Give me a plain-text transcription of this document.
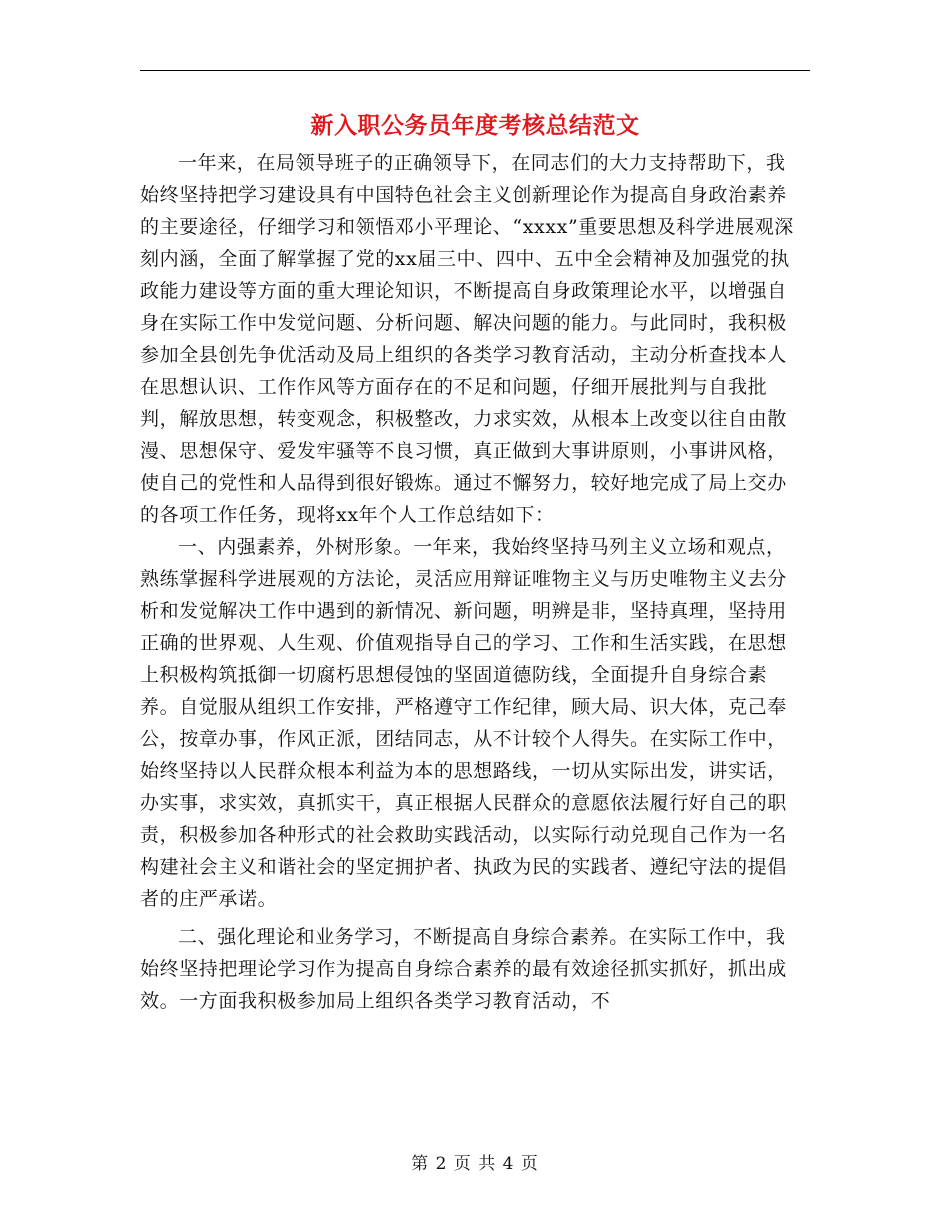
新入职公务员年度考核总结范文

一年来，在局领导班子的正确领导下，在同志们的大力支持帮助下，我始终坚持把学习建设具有中国特色社会主义创新理论作为提高自身政治素养的主要途径，仔细学习和领悟邓小平理论、“xxxx”重要思想及科学进展观深刻内涵，全面了解掌握了党的xx届三中、四中、五中全会精神及加强党的执政能力建设等方面的重大理论知识，不断提高自身政策理论水平，以增强自身在实际工作中发觉问题、分析问题、解决问题的能力。与此同时，我积极参加全县创先争优活动及局上组织的各类学习教育活动，主动分析查找本人在思想认识、工作作风等方面存在的不足和问题，仔细开展批判与自我批判，解放思想，转变观念，积极整改，力求实效，从根本上改变以往自由散漫、思想保守、爱发牢骚等不良习惯，真正做到大事讲原则，小事讲风格，使自己的党性和人品得到很好锻炼。通过不懈努力，较好地完成了局上交办的各项工作任务，现将xx年个人工作总结如下：

一、内强素养，外树形象。一年来，我始终坚持马列主义立场和观点，熟练掌握科学进展观的方法论，灵活应用辩证唯物主义与历史唯物主义去分析和发觉解决工作中遇到的新情况、新问题，明辨是非，坚持真理，坚持用正确的世界观、人生观、价值观指导自己的学习、工作和生活实践，在思想上积极构筑抵御一切腐朽思想侵蚀的坚固道德防线，全面提升自身综合素养。自觉服从组织工作安排，严格遵守工作纪律，顾大局、识大体，克己奉公，按章办事，作风正派，团结同志，从不计较个人得失。在实际工作中，始终坚持以人民群众根本利益为本的思想路线，一切从实际出发，讲实话，办实事，求实效，真抓实干，真正根据人民群众的意愿依法履行好自己的职责，积极参加各种形式的社会救助实践活动，以实际行动兑现自己作为一名构建社会主义和谐社会的坚定拥护者、执政为民的实践者、遵纪守法的提倡者的庄严承诺。

二、强化理论和业务学习，不断提高自身综合素养。在实际工作中，我始终坚持把理论学习作为提高自身综合素养的最有效途径抓实抓好，抓出成效。一方面我积极参加局上组织各类学习教育活动，不

第 2 页 共 4 页
